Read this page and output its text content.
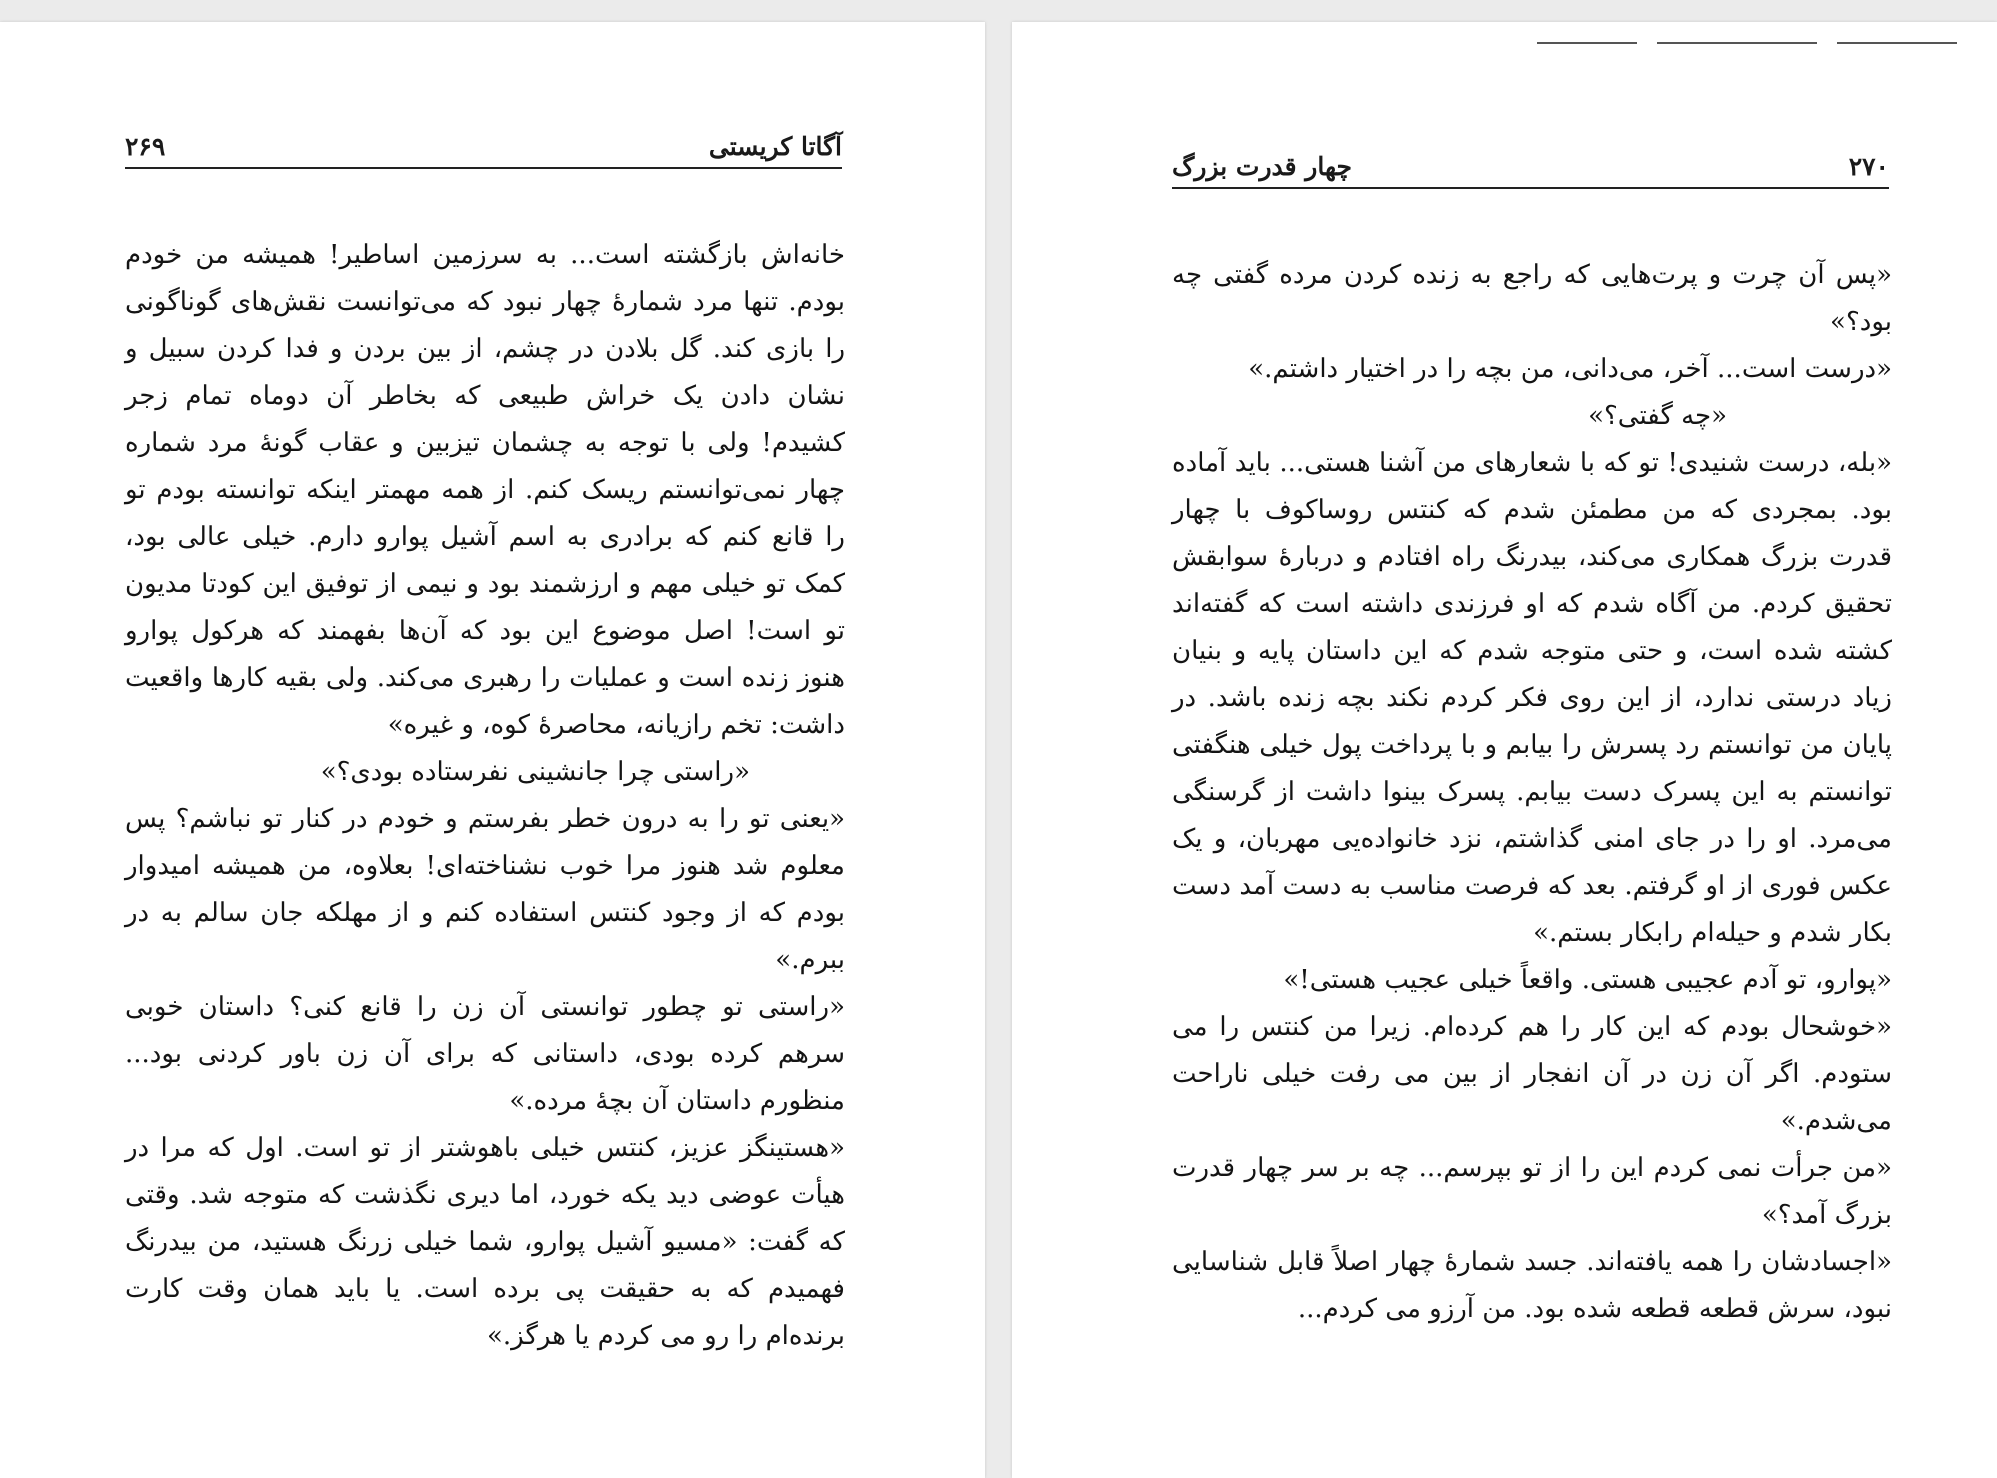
۲۶۹	آگاتا کریستی

خانه‌اش بازگشته است... به سرزمین اساطیر! همیشه من خودم بودم. تنها مرد شمارهٔ چهار نبود که می‌توانست نقش‌های گوناگونی را بازی کند. گل بلادن در چشم، از بین بردن و فدا کردن سبیل و نشان دادن یک خراش طبیعی که بخاطر آن دوماه تمام زجر کشیدم! ولی با توجه به چشمان تیزبین و عقاب گونهٔ مرد شماره چهار نمی‌توانستم ریسک کنم. از همه مهمتر اینکه توانسته بودم تو را قانع کنم که برادری به اسم آشیل پوارو دارم. خیلی عالی بود، کمک تو خیلی مهم و ارزشمند بود و نیمی از توفیق این کودتا مدیون تو است! اصل موضوع این بود که آن‌ها بفهمند که هرکول پوارو هنوز زنده است و عملیات را رهبری می‌کند. ولی بقیه کارها واقعیت داشت: تخم رازیانه، محاصرهٔ کوه، و غیره»

«راستی چرا جانشینی نفرستاده بودی؟»

«یعنی تو را به درون خطر بفرستم و خودم در کنار تو نباشم؟ پس معلوم شد هنوز مرا خوب نشناخته‌ای! بعلاوه، من همیشه امیدوار بودم که از وجود کنتس استفاده کنم و از مهلکه جان سالم به در ببرم.»

«راستی تو چطور توانستی آن زن را قانع کنی؟ داستان خوبی سرهم کرده بودی، داستانی که برای آن زن باور کردنی بود... منظورم داستان آن بچهٔ مرده.»

«هستینگز عزیز، کنتس خیلی باهوشتر از تو است. اول که مرا در هیأت عوضی دید یکه خورد، اما دیری نگذشت که متوجه شد. وقتی که گفت: «مسیو آشیل پوارو، شما خیلی زرنگ هستید، من بیدرنگ فهمیدم که به حقیقت پی برده است. یا باید همان وقت کارت برنده‌ام را رو می کردم یا هرگز.»

چهار قدرت بزرگ	۲۷۰

«پس آن چرت و پرت‌هایی که راجع به زنده کردن مرده گفتی چه بود؟»

«درست است... آخر، می‌دانی، من بچه را در اختیار داشتم.»

«چه گفتی؟»

«بله، درست شنیدی! تو که با شعارهای من آشنا هستی... باید آماده بود. بمجردی که من مطمئن شدم که کنتس روساکوف با چهار قدرت بزرگ همکاری می‌کند، بیدرنگ راه افتادم و دربارهٔ سوابقش تحقیق کردم. من آگاه شدم که او فرزندی داشته است که گفته‌اند کشته شده است، و حتی متوجه شدم که این داستان پایه و بنیان زیاد درستی ندارد، از این روی فکر کردم نکند بچه زنده باشد. در پایان من توانستم رد پسرش را بیابم و با پرداخت پول خیلی هنگفتی توانستم به این پسرک دست بیابم. پسرک بینوا داشت از گرسنگی می‌مرد. او را در جای امنی گذاشتم، نزد خانواده‌یی مهربان، و یک عکس فوری از او گرفتم. بعد که فرصت مناسب به دست آمد دست بکار شدم و حیله‌ام رابکار بستم.»

«پوارو، تو آدم عجیبی هستی. واقعاً خیلی عجیب هستی!»

«خوشحال بودم که این کار را هم کرده‌ام. زیرا من کنتس را می ستودم. اگر آن زن در آن انفجار از بین می رفت خیلی ناراحت می‌شدم.»

«من جرأت نمی کردم این را از تو بپرسم... چه بر سر چهار قدرت بزرگ آمد؟»

«اجسادشان را همه یافته‌اند. جسد شمارهٔ چهار اصلاً قابل شناسایی نبود، سرش قطعه قطعه شده بود. من آرزو می کردم...
